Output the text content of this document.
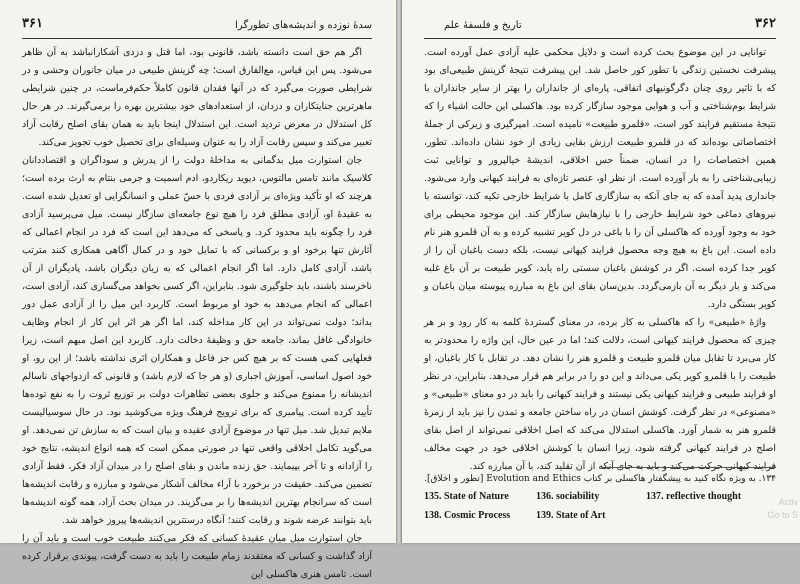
۳۶۱	سدهٔ نوزده و اندیشه‌های تطورگرا

اگر هم حق است دانسته باشد، قانونی بود، اما قتل و دزدی آشکارانباشد به آن ظاهر می‌شود. پس این قیاس، مع‌الفارق است؛ چه گزینش طبیعی در میان جانوران وحشی و در شرایطی صورت می‌گیرد که در آنها فقدان قانون کاملاً حکم‌فرماست، در چنین شرایطی ماهرترین جنایتکاران و دزدان، از استعدادهای خود بیشترین بهره را برمی‌گیرند. در هر حال کل استدلال در معرض تردید است. این استدلال اینجا باید به همان بقای اصلح رقابت آزاد تعبیر می‌کند و سپس رقابت آزاد را به عنوان وسیله‌ای برای تحصیل خوب تجویز می‌کند.

جان استوارت میل بدگمانی به مداخلهٔ دولت را از پدرش و سوداگران و اقتصاددانان کلاسیک مانند تامس مالتوس، دیوید ریکاردو، ادم اسمیت و جرمی بنتام به ارث برده است؛ هرچند که او تأکید ویژه‌ای بر آزادی فردی با حسّ عملی و انسانگرایی او تعدیل شده است. به عقیدهٔ او، آزادی مطلق فرد را هیچ نوع جامعه‌ای سازگار نیست. میل می‌پرسید آزادی فرد را چگونه باید محدود کرد. و پاسخی که می‌دهد این است که فرد در انجام اعمالی که آثارش تنها برخود او و برکسانی که با تمایل خود و در کمال آگاهی همکاری کنند مترتب باشد، آزادی کامل دارد. اما اگر انجام اعمالی که به زیان دیگران باشد، پادیگران از آن ناخرسند باشند، باید جلوگیری شود. بنابراین، اگر کسی بخواهد می‌گساری کند، آزادی است، اعمالی که انجام می‌دهد به خود او مربوط است. کاربرد این میل را از آزادی عمل دور بداند؛ دولت نمی‌تواند در این کار مداخله کند، اما اگر هر اثر این کار از انجام وظایف خانوادگی غافل بماند، جامعه حق و وظیفهٔ دخالت دارد. کاربرد این اصل مبهم است، زیرا فعلهایی کمی هست که بر هیچ کس جز فاعل و همکاران اثری نداشته باشد؛ از این رو، او خود اصول اساسی، آموزش اجباری (و هر جا که لازم باشد) و قانونی که ازدواجهای ناسالم اندیشانه را ممنوع می‌کند و جلوی بعضی تظاهرات دولت بر توزیع ثروت را به نفع توده‌ها تأیید کرده است. پیامبری که برای ترویج فرهنگ ویژه می‌کوشید بود. در حال سوسیالیست ملایم تبدیل شد. میل تنها در موضوع آزادی عقیده و بیان است که به سازش تن نمی‌دهد. او می‌گوید تکامل اخلاقی واقعی تنها در صورتی ممکن است که همه انواع اندیشه، نتایج خود را آزادانه و تا آخر بپیمایند. حق زنده ماندن و بقای اصلح را در میدان آزاد فکر، فقط آزادی تضمین می‌کند. حقیقت در برخورد با آراء مخالف آشکار می‌شود و مبارزه و رقابت اندیشه‌ها است که سرانجام بهترین اندیشه‌ها را بر می‌گزیند. در میدان بحث آزاد، همه گونه اندیشه‌ها باید بتوانند عرضه شوند و رقابت کنند؛ آنگاه درستترین اندیشه‌ها پیروز خواهد شد.

جان استوارت میل میان عقیدهٔ کسانی که فکر می‌کنند طبیعت خوب است و باید آن را آزاد گذاشت و کسانی که معتقدند زمام طبیعت را باید به دست گرفت، پیوندی برقرار کرده است. تامس هنری هاکسلی این

۳۶۲
تاریخ و فلسفهٔ علم

توانایی در این موضوع بحث کرده است و دلایل محکمی علیه آزادی عمل آورده است. پیشرفت نخستین زندگی با تطور کور حاصل شد. این پیشرفت نتیجهٔ گزینش طبیعی‌ای بود که با تاثیر روی چنان دگرگونیهای اتفاقی، پاره‌ای از جانداران را بهتر از سایر جانداران با شرایط بوم‌شناختی و آب و هوایی موجود سازگار کرده بود. هاکسلی این حالت اشیاء را که نتیجهٔ مستقیم فرایند کور است، «قلمرو طبیعت» نامیده است. امپرگیری و زیرکی از جملهٔ اختصاصاتی بوده‌اند که در قلمرو طبیعت ارزش بقایی زیادی از خود نشان داده‌اند. تطور، همین اختصاصات را در انسان، ضمناً حس اخلاقی، اندیشهٔ خیالپرور و توانایی ثبت زیبایی‌شناختی را به بار آورده است. از نظر او، عنصر تازه‌ای به فرایند کیهانی وارد می‌شود. جانداری پدید آمده که به جای آنکه به سازگاری کامل با شرایط خارجی تکیه کند، توانسته با نیروهای دماغی خود شرایط خارجی را با نیازهایش سازگار کند. این موجود محیطی برای خود به وجود آورده که هاکسلی آن را با باغی در دل کویر تشبیه کرده و به آن قلمرو هنر نام داده است. این باغ به هیچ وجه محصول فرایند کیهانی نیست، بلکه دست باغبان آن را از کویر جدا کرده است. اگر در کوشش باغبان سستی راه یابد، کویر طبیعت بر آن باغ غلبه می‌کند و بار دیگر به آن بازمی‌گردد. بدین‌سان بقای این باغ به مبارزه پیوسته میان باغبان و کویر بستگی دارد.

واژهٔ «طبیعی» را که هاکسلی به کار برده، در معنای گستردهٔ کلمه به کار رود و بر هر چیزی که محصول فرایند کیهانی است، دلالت کند؛ اما در عین حال، این واژه را محدودتر به کار می‌برد تا تقابل میان قلمرو طبیعت و قلمرو هنر را نشان دهد. در تقابل با کار باغبان، او طبیعت را با قلمرو کویر یکی می‌داند و این دو را در برابر هم قرار می‌دهد. بنابراین، در نظر او فرایند طبیعی و فرایند کیهانی یکی نیستند و فرایند کیهانی را باید در دو معنای «طبیعی» و «مصنوعی» در نظر گرفت. کوشش انسان در راه ساختن جامعه و تمدن را نیز باید از زمرهٔ قلمرو هنر به شمار آورد. هاکسلی استدلال می‌کند که اصل اخلاقی نمی‌تواند از اصل بقای اصلح در فرایند کیهانی گرفته شود، زیرا انسان با کوشش اخلاقی خود در جهت مخالف فرایند کیهانی حرکت می‌کند و باید به جای آنکه از آن تقلید کند، با آن مبارزه کند.

۱۳۴. به ویژه نگاه کنید به پیشگفتار هاکسلی بر کتاب Evolution and Ethics [تطور و اخلاق].
135. State of Nature	136. sociability	137. reflective thought
138. Cosmic Process	139. State of Art
Activ
Go to S
